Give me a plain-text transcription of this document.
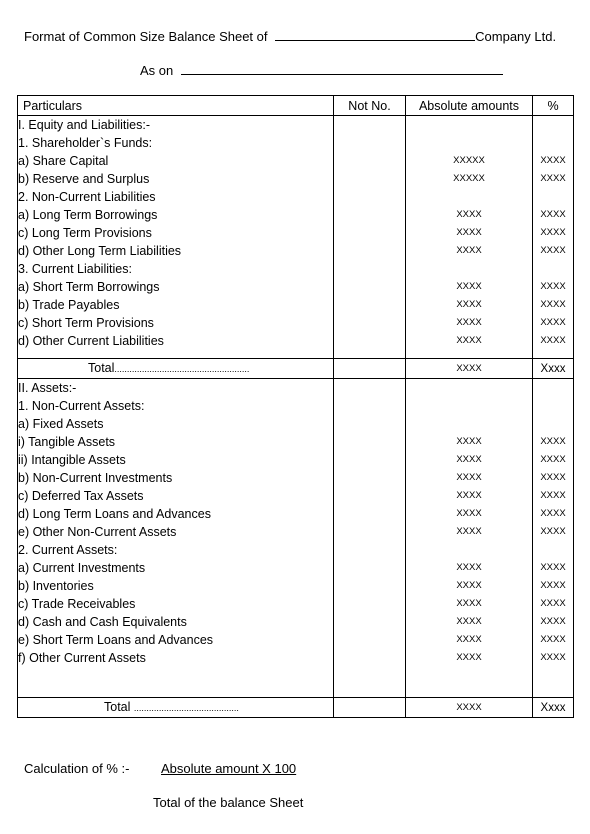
Format of Common Size Balance Sheet of	Company Ltd.
As on
Particulars	Not No.	Absolute amounts	%
I. Equity and Liabilities:-			
1. Shareholder`s Funds:			
a) Share Capital		XXXXX	XXXX
b) Reserve and Surplus		XXXXX	XXXX
2. Non-Current Liabilities			
a) Long Term Borrowings		XXXX	XXXX
c) Long Term Provisions		XXXX	XXXX
d) Other Long Term Liabilities		XXXX	XXXX
3. Current Liabilities:			
a) Short Term Borrowings		XXXX	XXXX
b) Trade Payables		XXXX	XXXX
c) Short Term Provisions		XXXX	XXXX
d) Other Current Liabilities		XXXX	XXXX

Total......................................................		XXXX	Xxxx
II. Assets:-			
1. Non-Current Assets:			
a) Fixed Assets			
i) Tangible Assets		XXXX	XXXX
ii) Intangible Assets		XXXX	XXXX
b) Non-Current Investments		XXXX	XXXX
c) Deferred Tax Assets		XXXX	XXXX
d) Long Term Loans and Advances		XXXX	XXXX
e) Other Non-Current Assets		XXXX	XXXX
2. Current Assets:			
a) Current Investments		XXXX	XXXX
b) Inventories		XXXX	XXXX
c) Trade Receivables		XXXX	XXXX
d) Cash and Cash Equivalents		XXXX	XXXX
e) Short Term Loans and Advances		XXXX	XXXX
f) Other Current Assets		XXXX	XXXX

Total ..........................................		XXXX	Xxxx
Calculation of % :- Absolute amount X 100
Total of the balance Sheet
